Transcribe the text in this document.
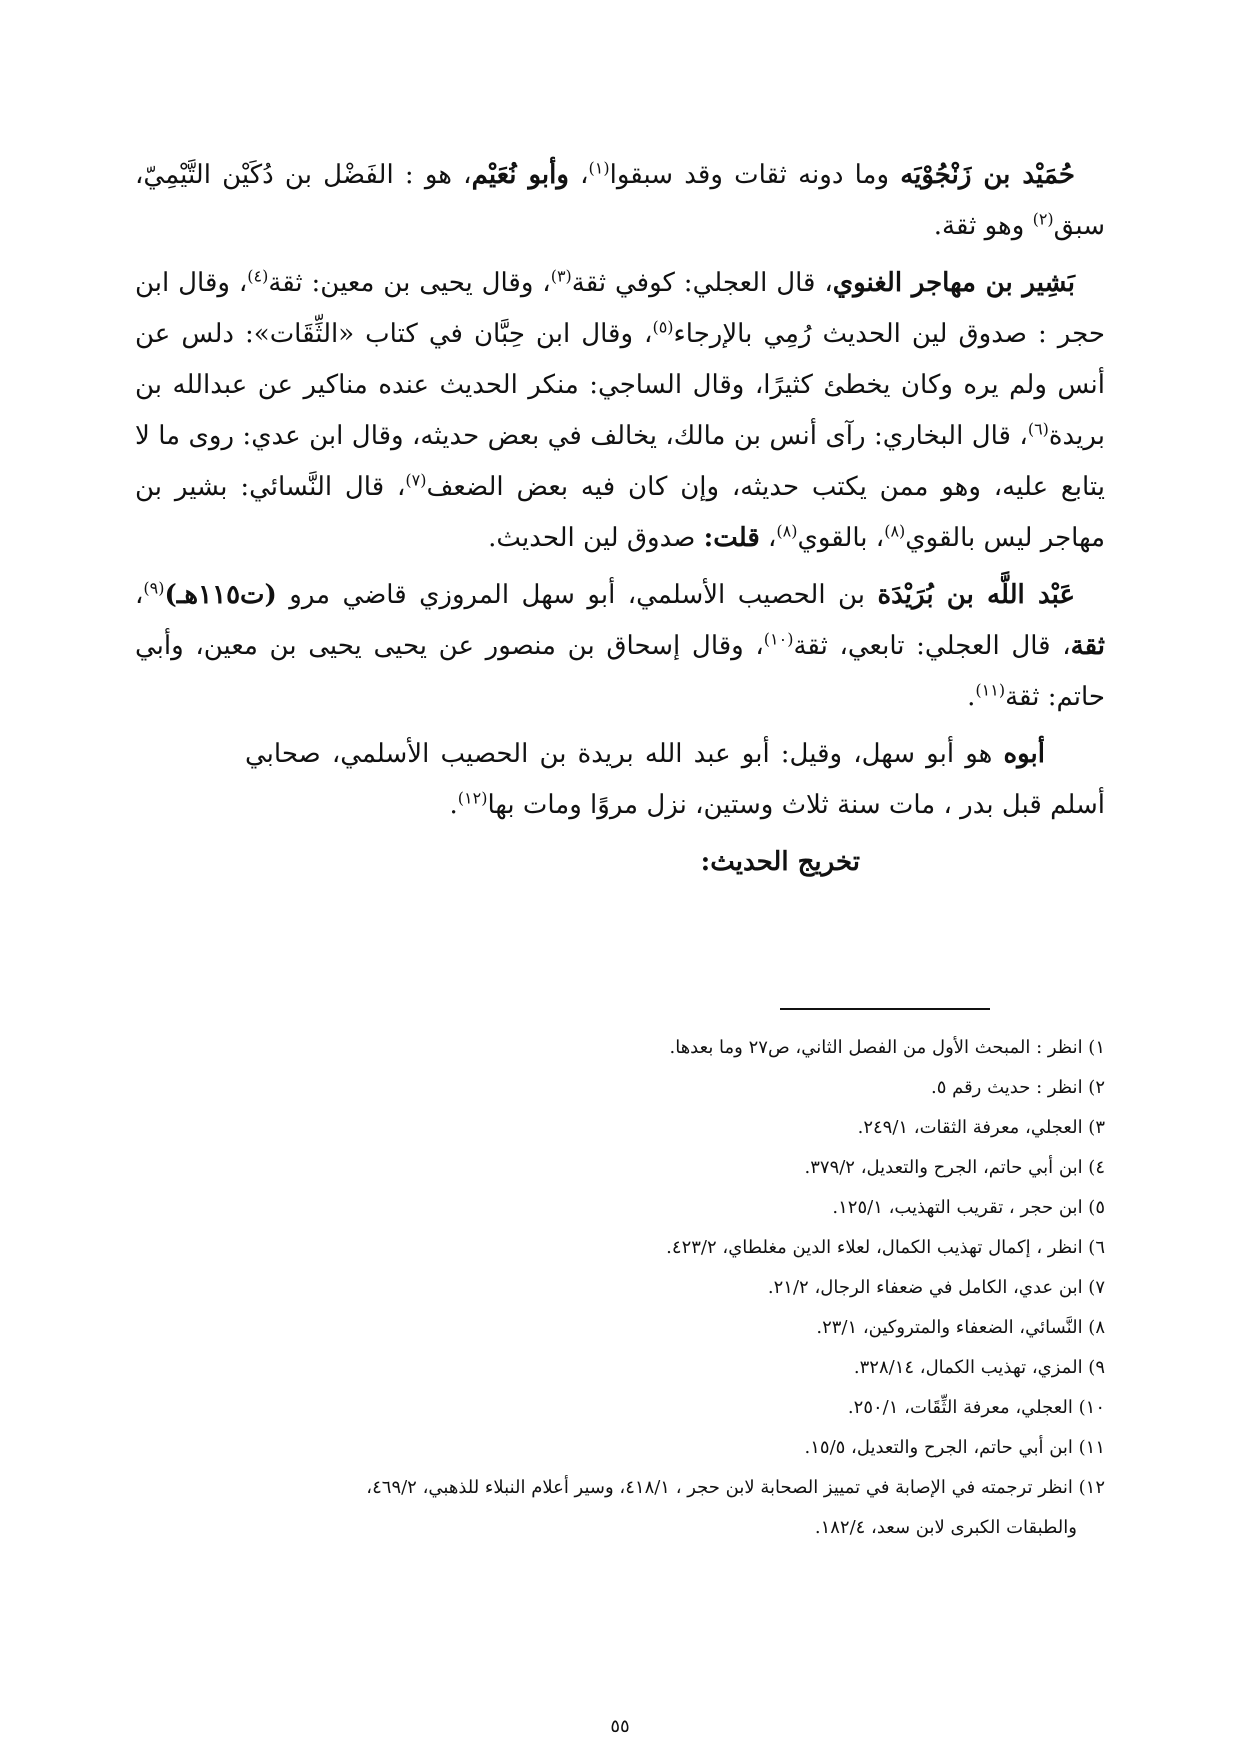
حُمَيْد بن زَنْجُوْيَه وما دونه ثقات وقد سبقوا$^{(١)}$، وأبو نُعَيْم، هو : الفَضْل بن دُكَيْن التَّيْمِيّ، سبق$^{(٢)}$ وهو ثقة.

بَشِير بن مهاجر الغنوي، قال العجلي: كوفي ثقة$^{(٣)}$، وقال يحيى بن معين: ثقة$^{(٤)}$، وقال ابن حجر : صدوق لين الحديث رُمِي بالإرجاء$^{(٥)}$، وقال ابن حِبَّان في كتاب «الثِّقَات»: دلس عن أنس ولم يره وكان يخطئ كثيرًا، وقال الساجي: منكر الحديث عنده مناكير عن عبدالله بن بريدة$^{(٦)}$، قال البخاري: رآى أنس بن مالك، يخالف في بعض حديثه، وقال ابن عدي: روى ما لا يتابع عليه، وهو ممن يكتب حديثه، وإن كان فيه بعض الضعف$^{(٧)}$، قال النَّسائي: بشير بن مهاجر ليس بالقوي$^{(٨)}$، بالقوي$^{(٨)}$، قلت: صدوق لين الحديث.

عَبْد اللَّه بن بُرَيْدَة بن الحصيب الأسلمي، أبو سهل المروزي قاضي مرو (ت١١٥هـ)$^{(٩)}$، ثقة، قال العجلي: تابعي، ثقة$^{(١٠)}$، وقال إسحاق بن منصور عن يحيى يحيى بن معين، وأبي حاتم: ثقة$^{(١١)}$.

أبوه هو أبو سهل، وقيل: أبو عبد الله بريدة بن الحصيب الأسلمي، صحابي أسلم قبل بدر ، مات سنة ثلاث وستين، نزل مروًا ومات بها$^{(١٢)}$.

تخريج الحديث:

١) انظر : المبحث الأول من الفصل الثاني، ص٢٧ وما بعدها.

٢) انظر : حديث رقم ٥.

٣) العجلي، معرفة الثقات، ٢٤٩/١.

٤) ابن أبي حاتم، الجرح والتعديل، ٣٧٩/٢.

٥) ابن حجر ، تقريب التهذيب، ١٢٥/١.

٦) انظر ، إكمال تهذيب الكمال، لعلاء الدين مغلطاي، ٤٢٣/٢.

٧) ابن عدي، الكامل في ضعفاء الرجال، ٢١/٢.

٨) النَّسائي، الضعفاء والمتروكين، ٢٣/١.

٩) المزي، تهذيب الكمال، ٣٢٨/١٤.

١٠) العجلي، معرفة الثِّقَات، ٢٥٠/١.

١١) ابن أبي حاتم، الجرح والتعديل، ١٥/٥.

١٢) انظر ترجمته في الإصابة في تمييز الصحابة لابن حجر ، ٤١٨/١، وسير أعلام النبلاء للذهبي، ٤٦٩/٢،
والطبقات الكبرى لابن سعد، ١٨٢/٤.

٥٥
